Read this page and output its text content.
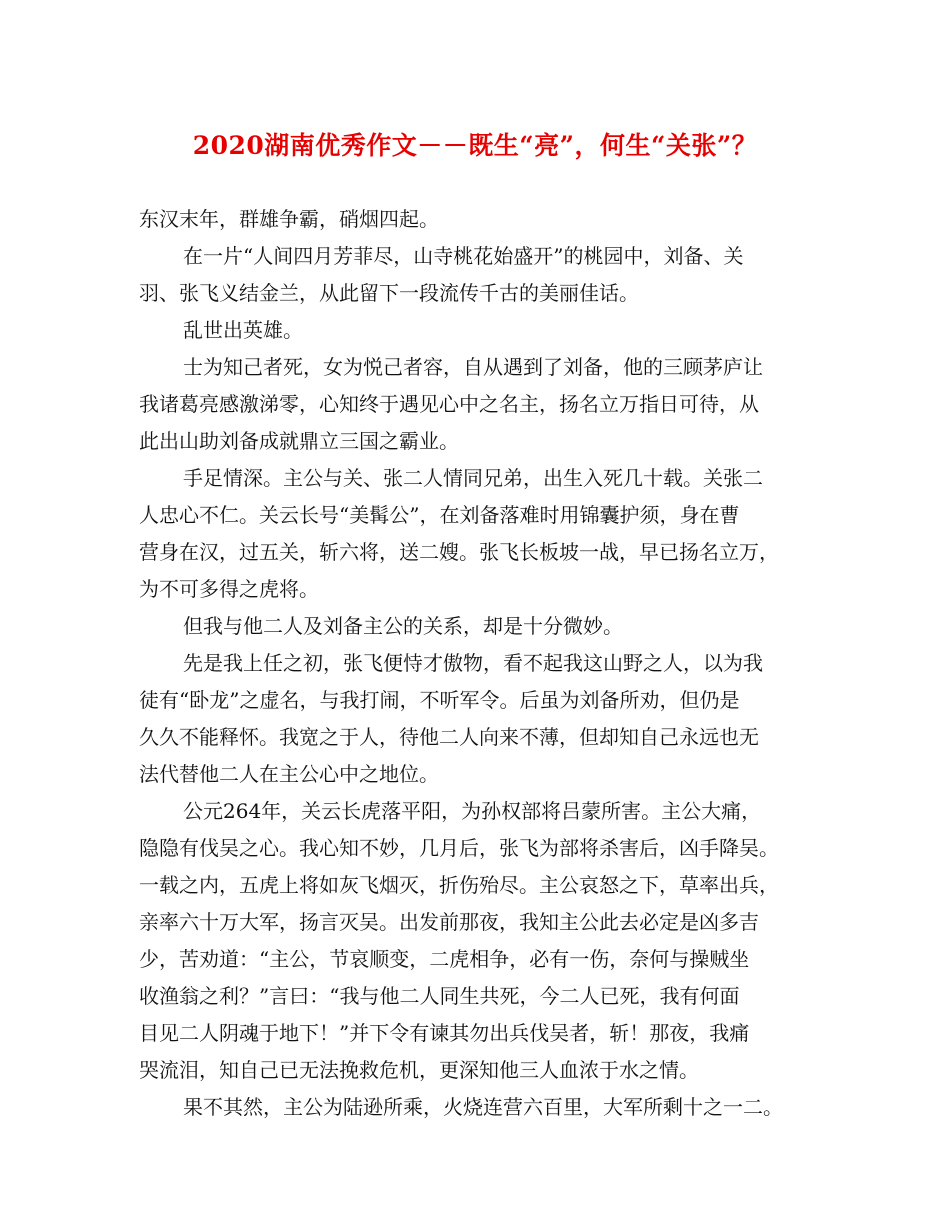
2020湖南优秀作文－－既生“亮”，何生“关张”？
东汉末年，群雄争霸，硝烟四起。
在一片“人间四月芳菲尽，山寺桃花始盛开”的桃园中，刘备、关
羽、张飞义结金兰，从此留下一段流传千古的美丽佳话。
乱世出英雄。
士为知己者死，女为悦己者容，自从遇到了刘备，他的三顾茅庐让
我诸葛亮感激涕零，心知终于遇见心中之名主，扬名立万指日可待，从
此出山助刘备成就鼎立三国之霸业。
手足情深。主公与关、张二人情同兄弟，出生入死几十载。关张二
人忠心不仁。关云长号“美髯公”，在刘备落难时用锦囊护须，身在曹
营身在汉，过五关，斩六将，送二嫂。张飞长板坡一战，早已扬名立万，
为不可多得之虎将。
但我与他二人及刘备主公的关系，却是十分微妙。
先是我上任之初，张飞便恃才傲物，看不起我这山野之人，以为我
徒有“卧龙”之虚名，与我打闹，不听军令。后虽为刘备所劝，但仍是
久久不能释怀。我宽之于人，待他二人向来不薄，但却知自己永远也无
法代替他二人在主公心中之地位。
公元264年，关云长虎落平阳，为孙权部将吕蒙所害。主公大痛，
隐隐有伐吴之心。我心知不妙，几月后，张飞为部将杀害后，凶手降吴。
一载之内，五虎上将如灰飞烟灭，折伤殆尽。主公哀怒之下，草率出兵，
亲率六十万大军，扬言灭吴。出发前那夜，我知主公此去必定是凶多吉
少，苦劝道：“主公，节哀顺变，二虎相争，必有一伤，奈何与操贼坐
收渔翁之利？”言曰：“我与他二人同生共死，今二人已死，我有何面
目见二人阴魂于地下！”并下令有谏其勿出兵伐吴者，斩！那夜，我痛
哭流泪，知自己已无法挽救危机，更深知他三人血浓于水之情。
果不其然，主公为陆逊所乘，火烧连营六百里，大军所剩十之一二。
